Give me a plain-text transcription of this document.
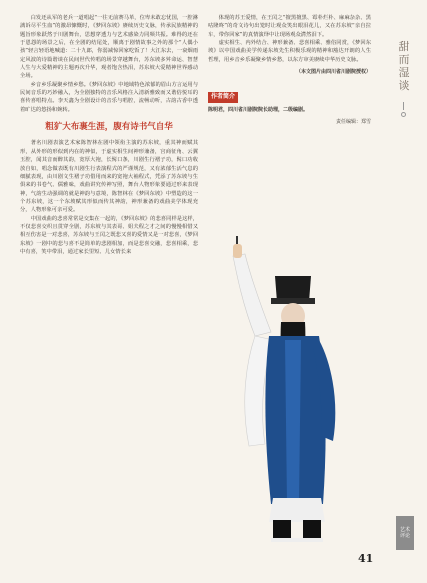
白发还从军的老兵一道唱起“一往无前赛马革，位卑未敢忘忧国，一腔淋漓诉尽平生血”的激昂慷慨时，《梦回东坡》赓续历史文脉，传承民族精神的题旨形象跃然于川剧舞台，思想穿透力与艺术感染力同频共振。难得的还在于恩怨的场景之后，在全剧的结尾处，顺离于剧情故事之外的那个“人偶小孩”轻言轻语地喊道：二十九郎，你弱减惊回家吃饭了！大江东去，一衰烟雨定风波的诗篇谐谈在民间世代传唱的场景穿越舞台，苏东坡多舛命运、智慧人生与大爱精神的主题再次升华，观者饱含热泪，苏东坡大爱精神世界感动全场。

乡音乡乐凝聚乡情乡愁。《梦回东坡》中地域特色浓郁的眉山方言运用与民间音乐的巧妙融入，为全剧独特的音乐风格注入清新雅致而又谐俗悦耳的喜传喜唱特点。李天鑫为全剧设计的音乐与唱腔，流畅动听，古韵古香中透着旷达的悠扬和婉转。

粗犷大布裹生涯，腹有诗书气自华

著名川剧表演艺术家陈智林在剧中领衔主演的苏东坡，重其神而赋其形，从外形的形似到内在的神似，于虚实相生间神形兼备，宫商征角、云翼玉腔，闻其音而醉其韵，宽厚大袍，长髯口条，川剧生行褶子功，髯口功收放自如，唱念做表既有川剧生行表演程式的严谨规范，又有浓郁生活气息的细腻表现，由川剧文生褶子功借用而来的宽袍大袖程式，凭添了苏东坡与生俱来的书卷气、儒雅味，戏曲讲究传神写照，舞台人物形象要通过形来表现神，气韵生动强调的就是神韵与意境，陈智林在《梦回东坡》中塑造的这一个苏东坡，这一个东坡赋其形似而传其神韵，神形兼备的戏曲美学体现充分，人物形象可亲可爱。

中国戏曲的悲喜常常是交集在一起的，《梦回东坡》的悲喜同样是这样，不仅悲喜交织且贯穿全剧，苏东坡与其表哥、姐夫程之才之间的慢慢相惜又相互伤害是一对悲喜，苏东坡与王闰之既悲又喜的爱情又是一对悲喜，《梦回东坡》一剧中的悲与喜不是简单的悲剧相加，而是悲喜交融，悲喜相乘，悲中有喜，笑中带泪，通过家长里短、儿女情长来

体现的苏王爱情，在王闰之“擅黑擅黑、霉朴烂朴、麻麻杂杂、黑咕隆咚”的奇文诗句出笼时让观众笑出眼泪花儿，又在苏东坡“亲自拉车，带你回家”的真情演绎中让现场观众潸然泪下。

虚实相生、内外结合、神形兼备、悲喜相乘、雅俗同赏，《梦回东坡》以中国戏曲美学传递东坡先生积极乐观的精神和豁达开朗的人生哲理，用乡音乡乐凝聚乡情乡愁，以东方审美赓续中华历史文脉。

（本文图片由四川省川剧院授权）
作者简介
陈明君，四川省川剧院院长助理，二级编剧。
责任编辑：郑雪
甜而湿谈
艺术
评论
41
